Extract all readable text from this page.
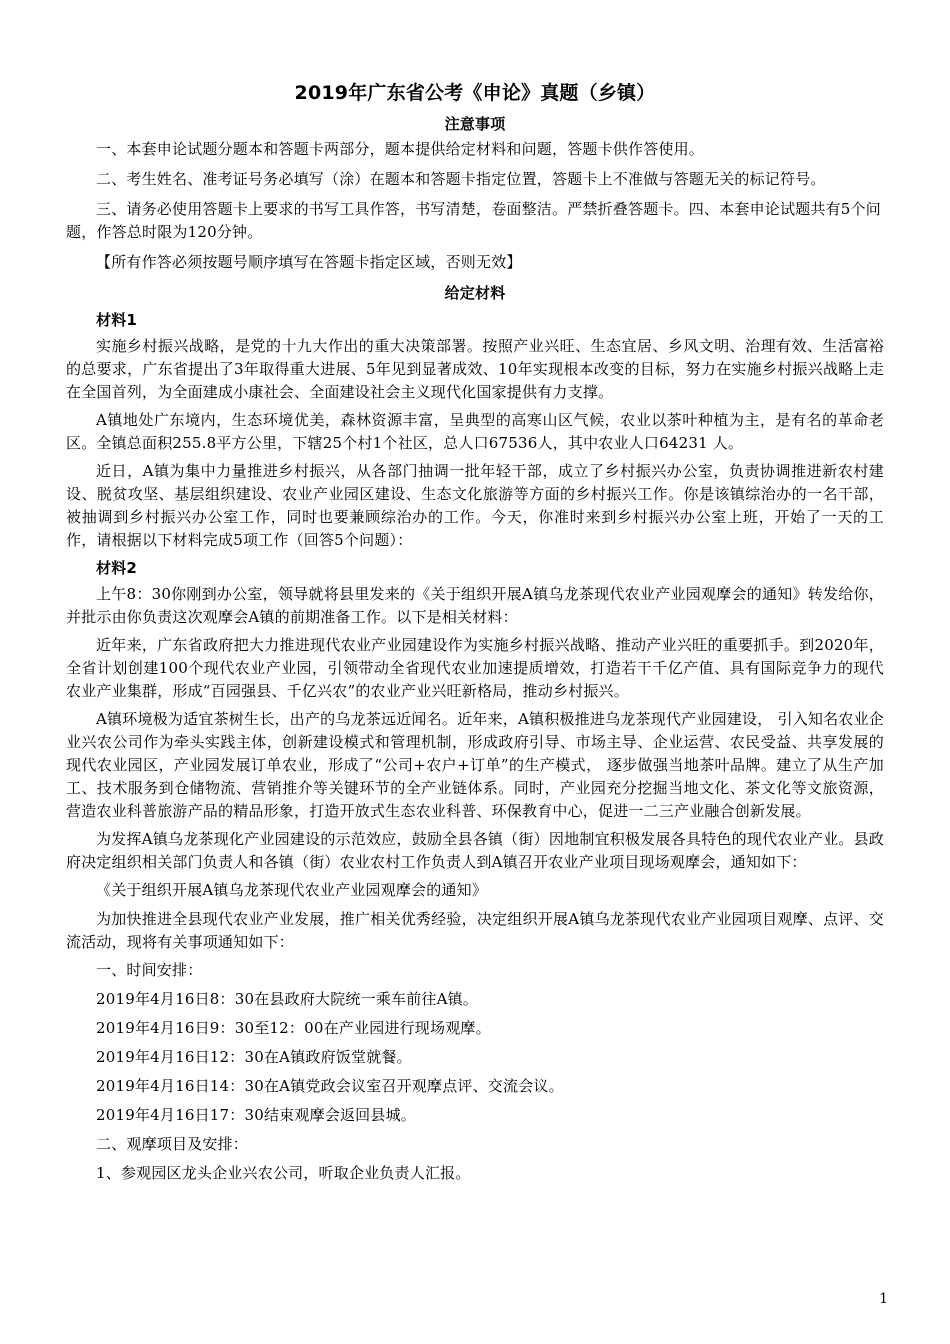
2019年广东省公考《申论》真题（乡镇）
注意事项
一、本套申论试题分题本和答题卡两部分，题本提供给定材料和问题，答题卡供作答使用。
二、考生姓名、准考证号务必填写（涂）在题本和答题卡指定位置，答题卡上不准做与答题无关的标记符号。
三、请务必使用答题卡上要求的书写工具作答，书写清楚，卷面整洁。严禁折叠答题卡。四、本套申论试题共有5个问题，作答总时限为120分钟。
【所有作答必须按题号顺序填写在答题卡指定区域，否则无效】
给定材料
材料1
实施乡村振兴战略，是党的十九大作出的重大决策部署。按照产业兴旺、生态宜居、乡风文明、治理有效、生活富裕的总要求，广东省提出了3年取得重大进展、5年见到显著成效、10年实现根本改变的目标，努力在实施乡村振兴战略上走在全国首列，为全面建成小康社会、全面建设社会主义现代化国家提供有力支撑。
A镇地处广东境内，生态环境优美，森林资源丰富，呈典型的高寒山区气候，农业以茶叶种植为主，是有名的革命老区。全镇总面积255.8平方公里，下辖25个村1个社区，总人口67536人，其中农业人口64231 人。
近日，A镇为集中力量推进乡村振兴，从各部门抽调一批年轻干部，成立了乡村振兴办公室，负责协调推进新农村建设、脱贫攻坚、基层组织建设、农业产业园区建设、生态文化旅游等方面的乡村振兴工作。你是该镇综治办的一名干部，被抽调到乡村振兴办公室工作，同时也要兼顾综治办的工作。今天，你准时来到乡村振兴办公室上班，开始了一天的工作，请根据以下材料完成5项工作（回答5个问题）：
材料2
上午8：30你刚到办公室，领导就将县里发来的《关于组织开展A镇乌龙茶现代农业产业园观摩会的通知》转发给你，并批示由你负责这次观摩会A镇的前期准备工作。以下是相关材料：
近年来，广东省政府把大力推进现代农业产业园建设作为实施乡村振兴战略、推动产业兴旺的重要抓手。到2020年，全省计划创建100个现代农业产业园，引领带动全省现代农业加速提质增效，打造若干千亿产值、具有国际竞争力的现代农业产业集群，形成“百园强县、千亿兴农”的农业产业兴旺新格局，推动乡村振兴。
A镇环境极为适宜茶树生长，出产的乌龙茶远近闻名。近年来，A镇积极推进乌龙茶现代产业园建设， 引入知名农业企业兴农公司作为牵头实践主体，创新建设模式和管理机制，形成政府引导、市场主导、企业运营、农民受益、共享发展的现代农业园区，产业园发展订单农业，形成了“公司+农户+订单”的生产模式， 逐步做强当地茶叶品牌。建立了从生产加工、技术服务到仓储物流、营销推介等关键环节的全产业链体系。同时，产业园充分挖掘当地文化、茶文化等文旅资源，营造农业科普旅游产品的精品形象，打造开放式生态农业科普、环保教育中心，促进一二三产业融合创新发展。
为发挥A镇乌龙茶现化产业园建设的示范效应，鼓励全县各镇（街）因地制宜积极发展各具特色的现代农业产业。县政府决定组织相关部门负责人和各镇（街）农业农村工作负责人到A镇召开农业产业项目现场观摩会，通知如下：
《关于组织开展A镇乌龙茶现代农业产业园观摩会的通知》
为加快推进全县现代农业产业发展，推广相关优秀经验，决定组织开展A镇乌龙茶现代农业产业园项目观摩、点评、交流活动，现将有关事项通知如下：
一、时间安排：
2019年4月16日8：30在县政府大院统一乘车前往A镇。
2019年4月16日9：30至12：00在产业园进行现场观摩。
2019年4月16日12：30在A镇政府饭堂就餐。
2019年4月16日14：30在A镇党政会议室召开观摩点评、交流会议。
2019年4月16日17：30结束观摩会返回县城。
二、观摩项目及安排：
1、参观园区龙头企业兴农公司，听取企业负责人汇报。
1
